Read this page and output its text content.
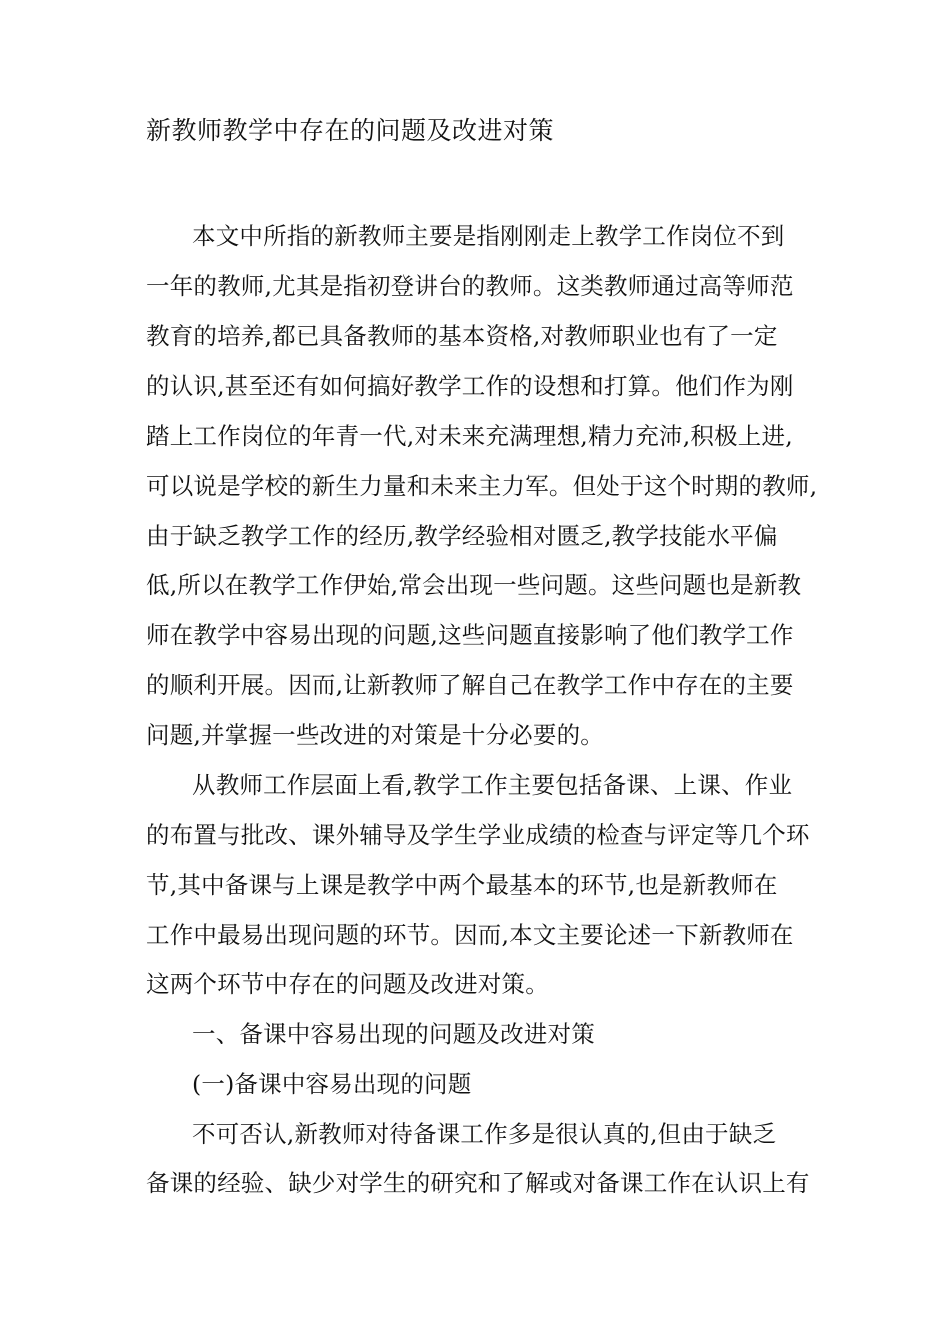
新教师教学中存在的问题及改进对策
本文中所指的新教师主要是指刚刚走上教学工作岗位不到
一年的教师,尤其是指初登讲台的教师。这类教师通过高等师范
教育的培养,都已具备教师的基本资格,对教师职业也有了一定
的认识,甚至还有如何搞好教学工作的设想和打算。他们作为刚
踏上工作岗位的年青一代,对未来充满理想,精力充沛,积极上进,
可以说是学校的新生力量和未来主力军。但处于这个时期的教师,
由于缺乏教学工作的经历,教学经验相对匮乏,教学技能水平偏
低,所以在教学工作伊始,常会出现一些问题。这些问题也是新教
师在教学中容易出现的问题,这些问题直接影响了他们教学工作
的顺利开展。因而,让新教师了解自己在教学工作中存在的主要
问题,并掌握一些改进的对策是十分必要的。
从教师工作层面上看,教学工作主要包括备课、上课、作业
的布置与批改、课外辅导及学生学业成绩的检查与评定等几个环
节,其中备课与上课是教学中两个最基本的环节,也是新教师在
工作中最易出现问题的环节。因而,本文主要论述一下新教师在
这两个环节中存在的问题及改进对策。
一、备课中容易出现的问题及改进对策
(一)备课中容易出现的问题
不可否认,新教师对待备课工作多是很认真的,但由于缺乏
备课的经验、缺少对学生的研究和了解或对备课工作在认识上有
